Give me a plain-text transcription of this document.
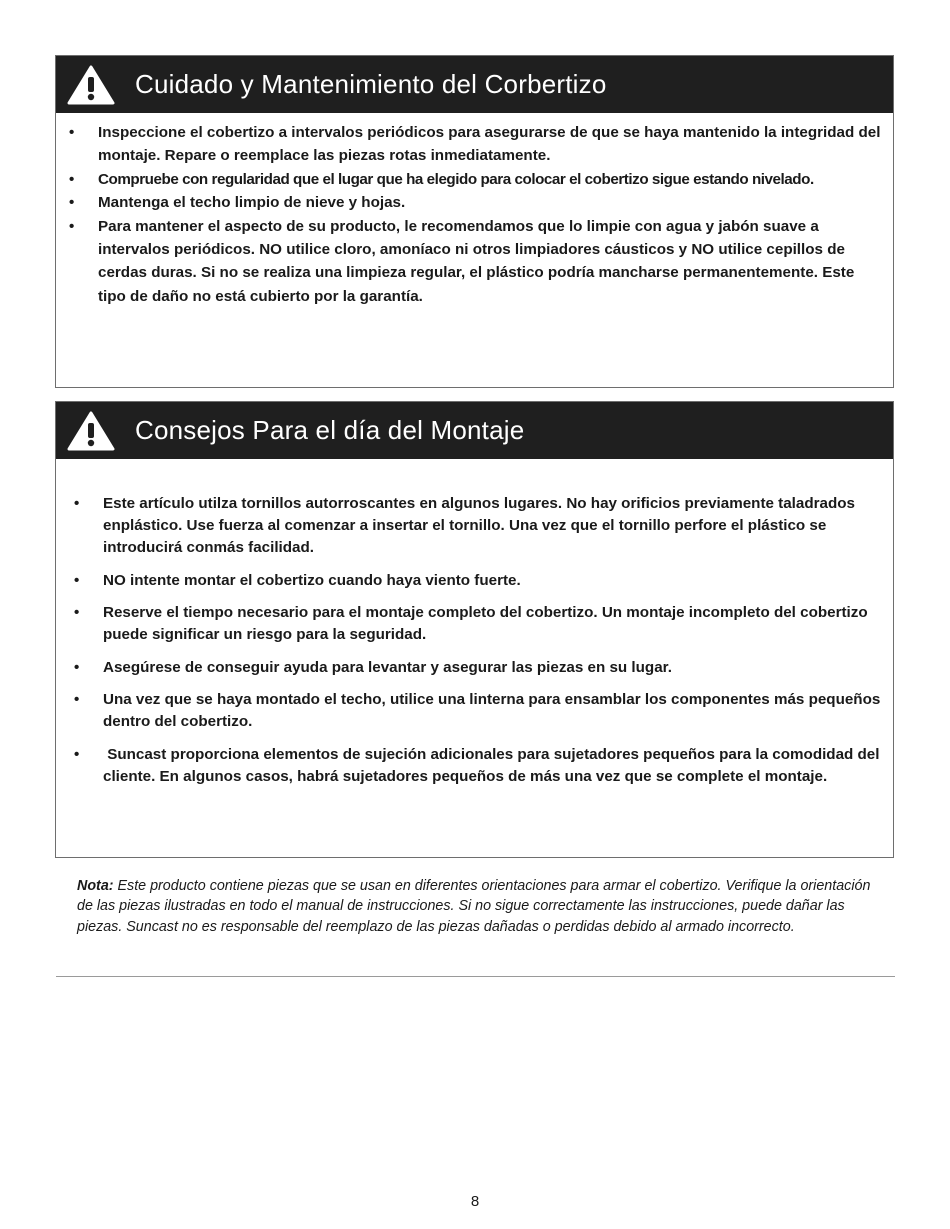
Cuidado y Mantenimiento del Corbertizo
• Inspeccione el cobertizo a intervalos periódicos para asegurarse de que se haya mantenido la integridad del montaje. Repare o reemplace las piezas rotas inmediatamente.
• Compruebe con regularidad que el lugar que ha elegido para colocar el cobertizo sigue estando nivelado.
• Mantenga el techo limpio de nieve y hojas.
• Para mantener el aspecto de su producto, le recomendamos que lo limpie con agua y jabón suave a intervalos periódicos. NO utilice cloro, amoníaco ni otros limpiadores cáusticos y NO utilice cepillos de cerdas duras. Si no se realiza una limpieza regular, el plástico podría mancharse permanentemente. Este tipo de daño no está cubierto por la garantía.
Consejos Para el día del Montaje
• Este artículo utilza tornillos autorroscantes en algunos lugares. No hay orificios previamente taladrados enplástico. Use fuerza al comenzar a insertar el tornillo. Una vez que el tornillo perfore el plástico se introducirá conmás facilidad.
• NO intente montar el cobertizo cuando haya viento fuerte.
• Reserve el tiempo necesario para el montaje completo del cobertizo. Un montaje incompleto del cobertizo puede significar un riesgo para la seguridad.
• Asegúrese de conseguir ayuda para levantar y asegurar las piezas en su lugar.
• Una vez que se haya montado el techo, utilice una linterna para ensamblar los componentes más pequeños dentro del cobertizo.
• Suncast proporciona elementos de sujeción adicionales para sujetadores pequeños para la comodidad del cliente. En algunos casos, habrá sujetadores pequeños de más una vez que se complete el montaje.
Nota: Este producto contiene piezas que se usan en diferentes orientaciones para armar el cobertizo. Verifique la orientación de las piezas ilustradas en todo el manual de instrucciones. Si no sigue correctamente las instrucciones, puede dañar las piezas. Suncast no es responsable del reemplazo de las piezas dañadas o perdidas debido al armado incorrecto.
8
